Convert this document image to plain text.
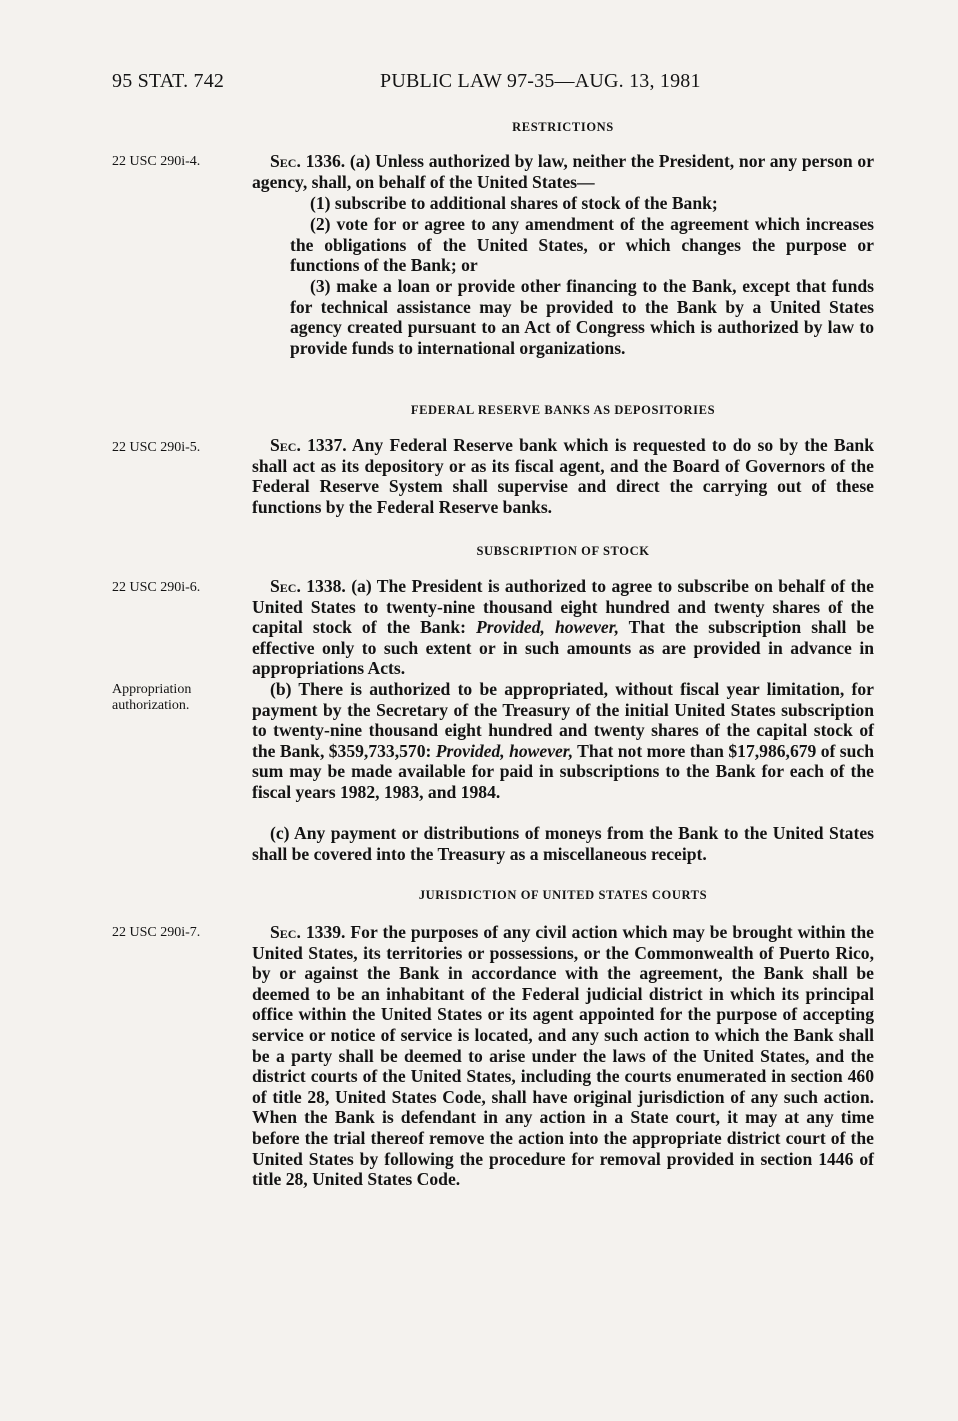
95 STAT. 742	PUBLIC LAW 97-35—AUG. 13, 1981
RESTRICTIONS
22 USC 290i-4.	Sec. 1336. (a) Unless authorized by law, neither the President, nor any person or agency, shall, on behalf of the United States—

(1) subscribe to additional shares of stock of the Bank;

(2) vote for or agree to any amendment of the agreement which increases the obligations of the United States, or which changes the purpose or functions of the Bank; or

(3) make a loan or provide other financing to the Bank, except that funds for technical assistance may be provided to the Bank by a United States agency created pursuant to an Act of Congress which is authorized by law to provide funds to international organizations.

FEDERAL RESERVE BANKS AS DEPOSITORIES
22 USC 290i-5.	Sec. 1337. Any Federal Reserve bank which is requested to do so by the Bank shall act as its depository or as its fiscal agent, and the Board of Governors of the Federal Reserve System shall supervise and direct the carrying out of these functions by the Federal Reserve banks.

SUBSCRIPTION OF STOCK
22 USC 290i-6.	Sec. 1338. (a) The President is authorized to agree to subscribe on behalf of the United States to twenty-nine thousand eight hundred and twenty shares of the capital stock of the Bank: Provided, however, That the subscription shall be effective only to such extent or in such amounts as are provided in advance in appropriations Acts.

Appropriation authorization.

(b) There is authorized to be appropriated, without fiscal year limitation, for payment by the Secretary of the Treasury of the initial United States subscription to twenty-nine thousand eight hundred and twenty shares of the capital stock of the Bank, $359,733,570: Provided, however, That not more than $17,986,679 of such sum may be made available for paid in subscriptions to the Bank for each of the fiscal years 1982, 1983, and 1984.

(c) Any payment or distributions of moneys from the Bank to the United States shall be covered into the Treasury as a miscellaneous receipt.

JURISDICTION OF UNITED STATES COURTS
22 USC 290i-7.	Sec. 1339. For the purposes of any civil action which may be brought within the United States, its territories or possessions, or the Commonwealth of Puerto Rico, by or against the Bank in accordance with the agreement, the Bank shall be deemed to be an inhabitant of the Federal judicial district in which its principal office within the United States or its agent appointed for the purpose of accepting service or notice of service is located, and any such action to which the Bank shall be a party shall be deemed to arise under the laws of the United States, and the district courts of the United States, including the courts enumerated in section 460 of title 28, United States Code, shall have original jurisdiction of any such action. When the Bank is defendant in any action in a State court, it may at any time before the trial thereof remove the action into the appropriate district court of the United States by following the procedure for removal provided in section 1446 of title 28, United States Code.
